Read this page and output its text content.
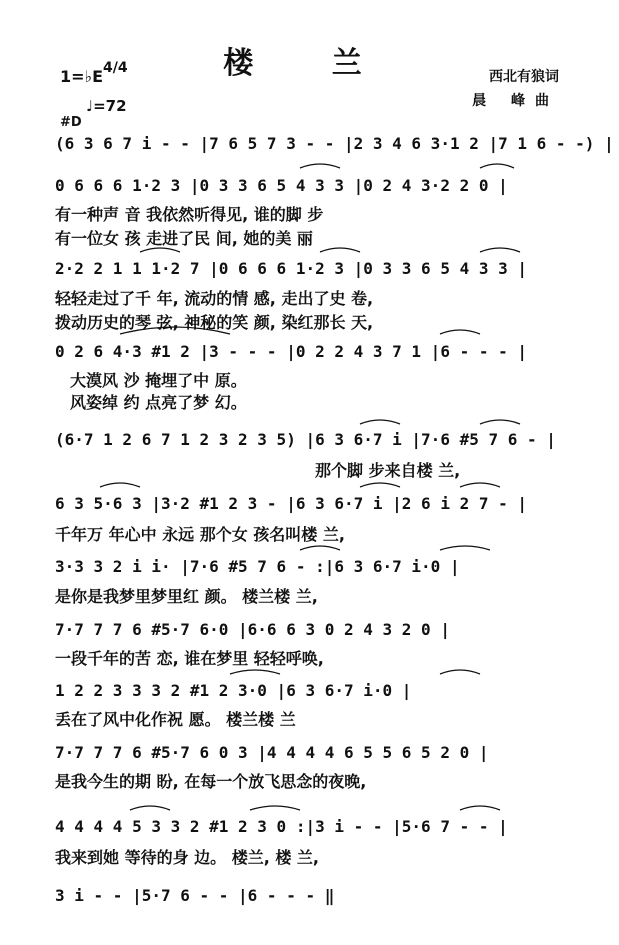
楼 兰
1=♭E 4/4
♩=72
#D
西北有狼词
晨 峰曲
(6 3 6 7 i - - |7 6 5 7 3 - - |2 3 4 6 3·1 2 |7 1 6 - -) |
0 6 6 6 1·2 3 |0 3 3 6 5 4 3 3 |0 2 4 3·2 2 0 |
有一种声 音 我依然听得见, 谁的脚 步
有一位女 孩 走进了民 间, 她的美 丽
2·2 2 1 1 1·2 7 |0 6 6 6 1·2 3 |0 3 3 6 5 4 3 3 |
轻轻走过了千 年, 流动的情 感, 走出了史 卷,
拨动历史的琴 弦, 神秘的笑 颜, 染红那长 天,
0 2 6 4·3 #1 2 |3 - - - |0 2 2 4 3 7 1 |6 - - - |
大漠风 沙 掩埋了中 原。
风姿绰 约 点亮了梦 幻。
(6·7 1 2 6 7 1 2 3 2 3 5) |6 3 6·7 i |7·6 #5 7 6 - |
那个脚 步来自楼 兰,
6 3 5·6 3 |3·2 #1 2 3 - |6 3 6·7 i |2 6 i 2 7 - |
千年万 年心中 永远 那个女 孩名叫楼 兰,
3·3 3 2 i i· |7·6 #5 7 6 - :|6 3 6·7 i·0 |
是你是我梦里梦里红 颜。 楼兰楼 兰,
7·7 7 7 6 #5·7 6·0 |6·6 6 3 0 2 4 3 2 0 |
一段千年的苦 恋, 谁在梦里 轻轻呼唤,
1 2 2 3 3 3 2 #1 2 3·0 |6 3 6·7 i·0 |
丢在了风中化作祝 愿。 楼兰楼 兰
7·7 7 7 6 #5·7 6 0 3 |4 4 4 4 6 5 5 6 5 2 0 |
是我今生的期 盼, 在每一个放飞思念的夜晚,
4 4 4 4 5 3 3 2 #1 2 3 0 :|3 i - - |5·6 7 - - |
我来到她 等待的身 边。 楼兰, 楼 兰,
3 i - - |5·7 6 - - |6 - - - ‖
